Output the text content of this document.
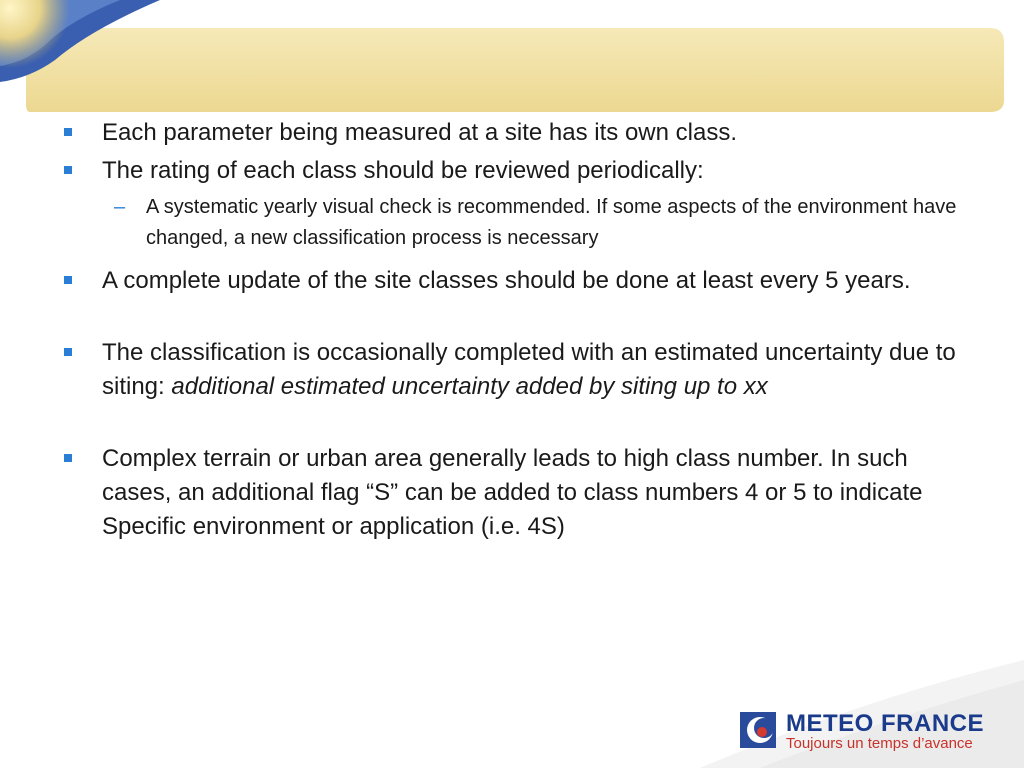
Each parameter being measured at a site has its own class.
The rating of each class should be reviewed periodically:
– A systematic yearly visual check is recommended. If some aspects of the environment have changed, a new classification process is necessary
A complete update of the site classes should be done at least every 5 years.
The classification is occasionally completed with an estimated uncertainty due to siting: additional estimated uncertainty added by siting up to xx
Complex terrain or urban area generally leads to high class number. In such cases, an additional flag “S” can be added to class numbers 4 or 5 to indicate Specific environment or application (i.e. 4S)
METEO FRANCE
Toujours un temps d’avance
